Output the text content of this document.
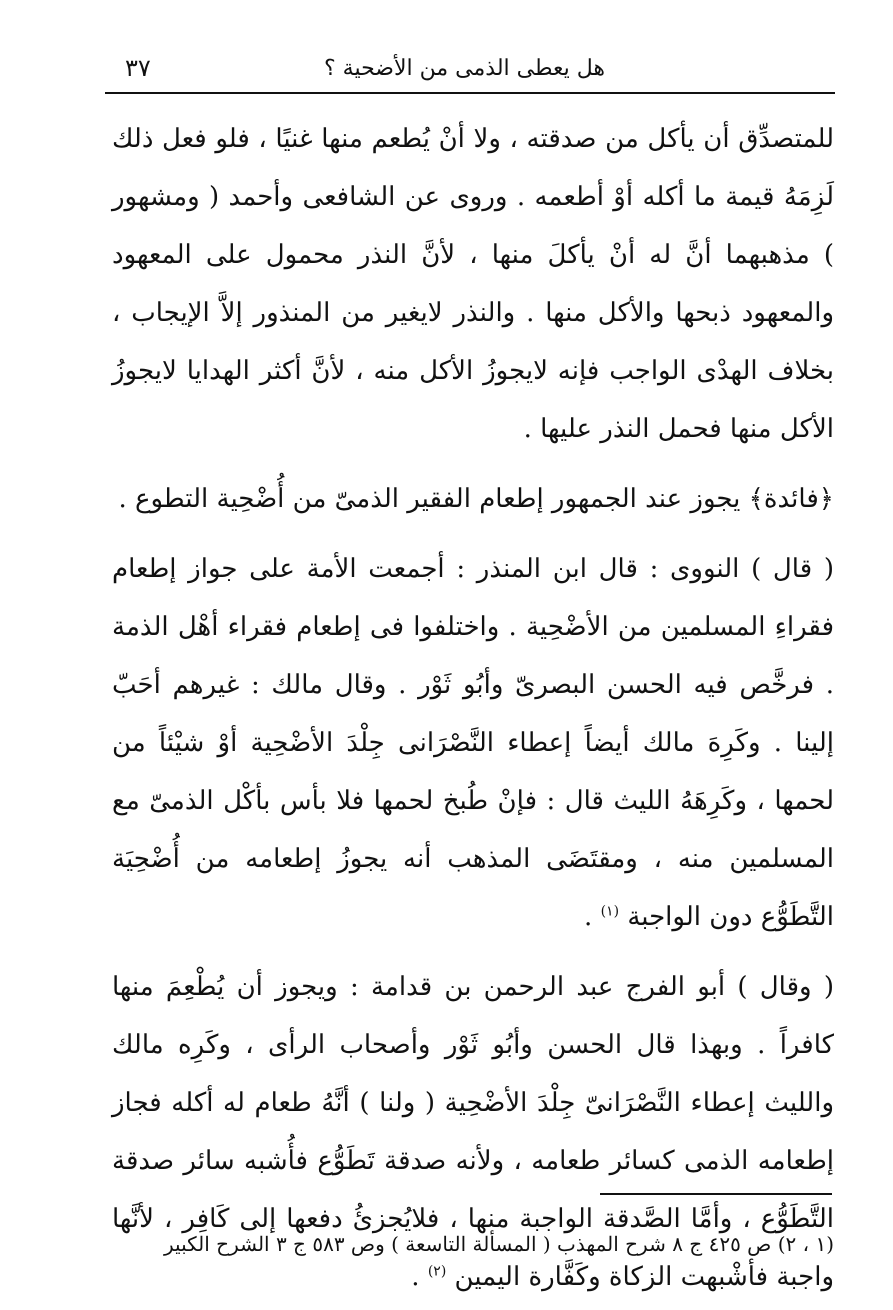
هل يعطى الذمى من الأضحية ؟
٣٧

للمتصدِّق أن يأكل من صدقته ، ولا أنْ يُطعم منها غنيًا ، فلو فعل ذلك لَزِمَهُ قيمة ما أكله أوْ أطعمه . وروى عن الشافعى وأحمد ( ومشهور ) مذهبهما أنَّ له أنْ يأكلَ منها ، لأنَّ النذر محمول على المعهود والمعهود ذبحها والأكل منها . والنذر لايغير من المنذور إلاَّ الإيجاب ، بخلاف الهدْى الواجب فإنه لايجوزُ الأكل منه ، لأنَّ أكثر الهدايا لايجوزُ الأكل منها فحمل النذر عليها .

﴿فائدة﴾ يجوز عند الجمهور إطعام الفقير الذمىّ من أُضْحِية التطوع .

( قال ) النووى : قال ابن المنذر : أجمعت الأمة على جواز إطعام فقراءِ المسلمين من الأضْحِية . واختلفوا فى إطعام فقراء أهْل الذمة . فرخَّص فيه الحسن البصرىّ وأبُو ثَوْر . وقال مالك : غيرهم أحَبّ إلينا . وكَرِهَ مالك أيضاً إعطاء النَّصْرَانى جِلْدَ الأضْحِية أوْ شيْئاً من لحمها ، وكَرِهَهُ الليث قال : فإنْ طُبخ لحمها فلا بأس بأكْل الذمىّ مع المسلمين منه ، ومقتَضَى المذهب أنه يجوزُ إطعامه من أُضْحِيَة التَّطَوُّع دون الواجبة $^{(١)}$ .

( وقال ) أبو الفرج عبد الرحمن بن قدامة : ويجوز أن يُطْعِمَ منها كافراً . وبهذا قال الحسن وأبُو ثَوْر وأصحاب الرأى ، وكَرِه مالك والليث إعطاء النَّصْرَانىّ جِلْدَ الأضْحِية ( ولنا ) أنَّهُ طعام له أكله فجاز إطعامه الذمى كسائر طعامه ، ولأنه صدقة تَطَوُّع فأُشبه سائر صدقة التَّطَوُّع ، وأمَّا الصَّدقة الواجبة منها ، فلايُجزئُ دفعها إلى كَافِر ، لأنَّها واجبة فأشْبهت الزكاة وكَفَّارة اليمين $^{(٢)}$ .

(١ ، ٢) ص ٤٢٥ ج ٨ شرح المهذب ( المسألة التاسعة ) وص ٥٨٣ ج ٣ الشرح الكبير
